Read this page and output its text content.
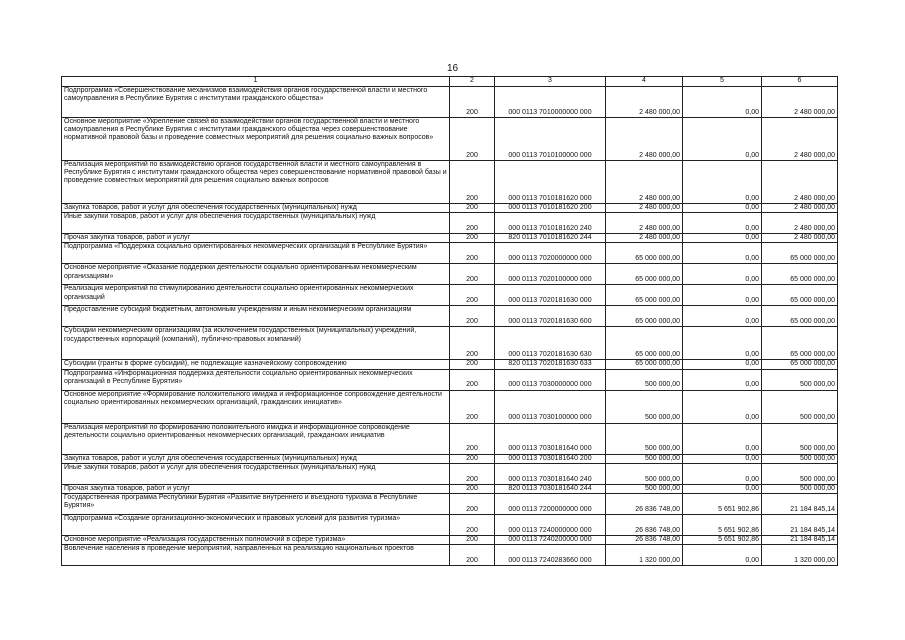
16
1	2	3	4	5	6
Подпрограмма «Совершенствование механизмов взаимодействия органов государственной власти и местного самоуправления в Республике Бурятия с институтами гражданского общества»	200	000 0113 7010000000 000	2 480 000,00	0,00	2 480 000,00
Основное мероприятие «Укрепление связей во взаимодействии органов государственной власти и местного самоуправления в Республике Бурятия с институтами гражданского общества через совершенствование нормативной правовой базы и проведение совместных мероприятий для решения социально важных вопросов»	200	000 0113 7010100000 000	2 480 000,00	0,00	2 480 000,00
Реализация мероприятий по взаимодействию органов государственной власти и местного самоуправления в Республике Бурятия с институтами гражданского общества через совершенствование нормативной правовой базы и проведение совместных мероприятий для решения социально важных вопросов	200	000 0113 7010181620 000	2 480 000,00	0,00	2 480 000,00
Закупка товаров, работ и услуг для обеспечения государственных (муниципальных) нужд	200	000 0113 7010181620 200	2 480 000,00	0,00	2 480 000,00
Иные закупки товаров, работ и услуг для обеспечения государственных (муниципальных) нужд	200	000 0113 7010181620 240	2 480 000,00	0,00	2 480 000,00
Прочая закупка товаров, работ и услуг	200	820 0113 7010181620 244	2 480 000,00	0,00	2 480 000,00
Подпрограмма «Поддержка социально ориентированных некоммерческих организаций в Республике Бурятия»	200	000 0113 7020000000 000	65 000 000,00	0,00	65 000 000,00
Основное мероприятие «Оказание поддержки деятельности социально ориентированным некоммерческим организациям»	200	000 0113 7020100000 000	65 000 000,00	0,00	65 000 000,00
Реализация мероприятий по стимулированию деятельности социально ориентированных некоммерческих организаций	200	000 0113 7020181630 000	65 000 000,00	0,00	65 000 000,00
Предоставление субсидий бюджетным, автономным учреждениям и иным некоммерческим организациям	200	000 0113 7020181630 600	65 000 000,00	0,00	65 000 000,00
Субсидии некоммерческим организациям (за исключением государственных (муниципальных) учреждений, государственных корпораций (компаний), публично-правовых компаний)	200	000 0113 7020181630 630	65 000 000,00	0,00	65 000 000,00
Субсидии (гранты в форме субсидий), не подлежащие казначейскому сопровождению	200	820 0113 7020181630 633	65 000 000,00	0,00	65 000 000,00
Подпрограмма «Информационная поддержка деятельности социально ориентированных некоммерческих организаций в Республике Бурятия»	200	000 0113 7030000000 000	500 000,00	0,00	500 000,00
Основное мероприятие «Формирование положительного имиджа и информационное сопровождение деятельности социально ориентированных некоммерческих организаций, гражданских инициатив»	200	000 0113 7030100000 000	500 000,00	0,00	500 000,00
Реализация мероприятий по формированию положительного имиджа и информационное сопровождение деятельности социально ориентированных некоммерческих организаций, гражданских инициатив	200	000 0113 7030181640 000	500 000,00	0,00	500 000,00
Закупка товаров, работ и услуг для обеспечения государственных (муниципальных) нужд	200	000 0113 7030181640 200	500 000,00	0,00	500 000,00
Иные закупки товаров, работ и услуг для обеспечения государственных (муниципальных) нужд	200	000 0113 7030181640 240	500 000,00	0,00	500 000,00
Прочая закупка товаров, работ и услуг	200	820 0113 7030181640 244	500 000,00	0,00	500 000,00
Государственная программа Республики Бурятия «Развитие внутреннего и въездного туризма в Республике Бурятия»	200	000 0113 7200000000 000	26 836 748,00	5 651 902,86	21 184 845,14
Подпрограмма «Создание организационно-экономических и правовых условий для развития туризма»	200	000 0113 7240000000 000	26 836 748,00	5 651 902,86	21 184 845,14
Основное мероприятие «Реализация государственных полномочий в сфере туризма»	200	000 0113 7240200000 000	26 836 748,00	5 651 902,86	21 184 845,14
Вовлечение населения в проведение мероприятий, направленных на реализацию национальных проектов	200	000 0113 7240283660 000	1 320 000,00	0,00	1 320 000,00
